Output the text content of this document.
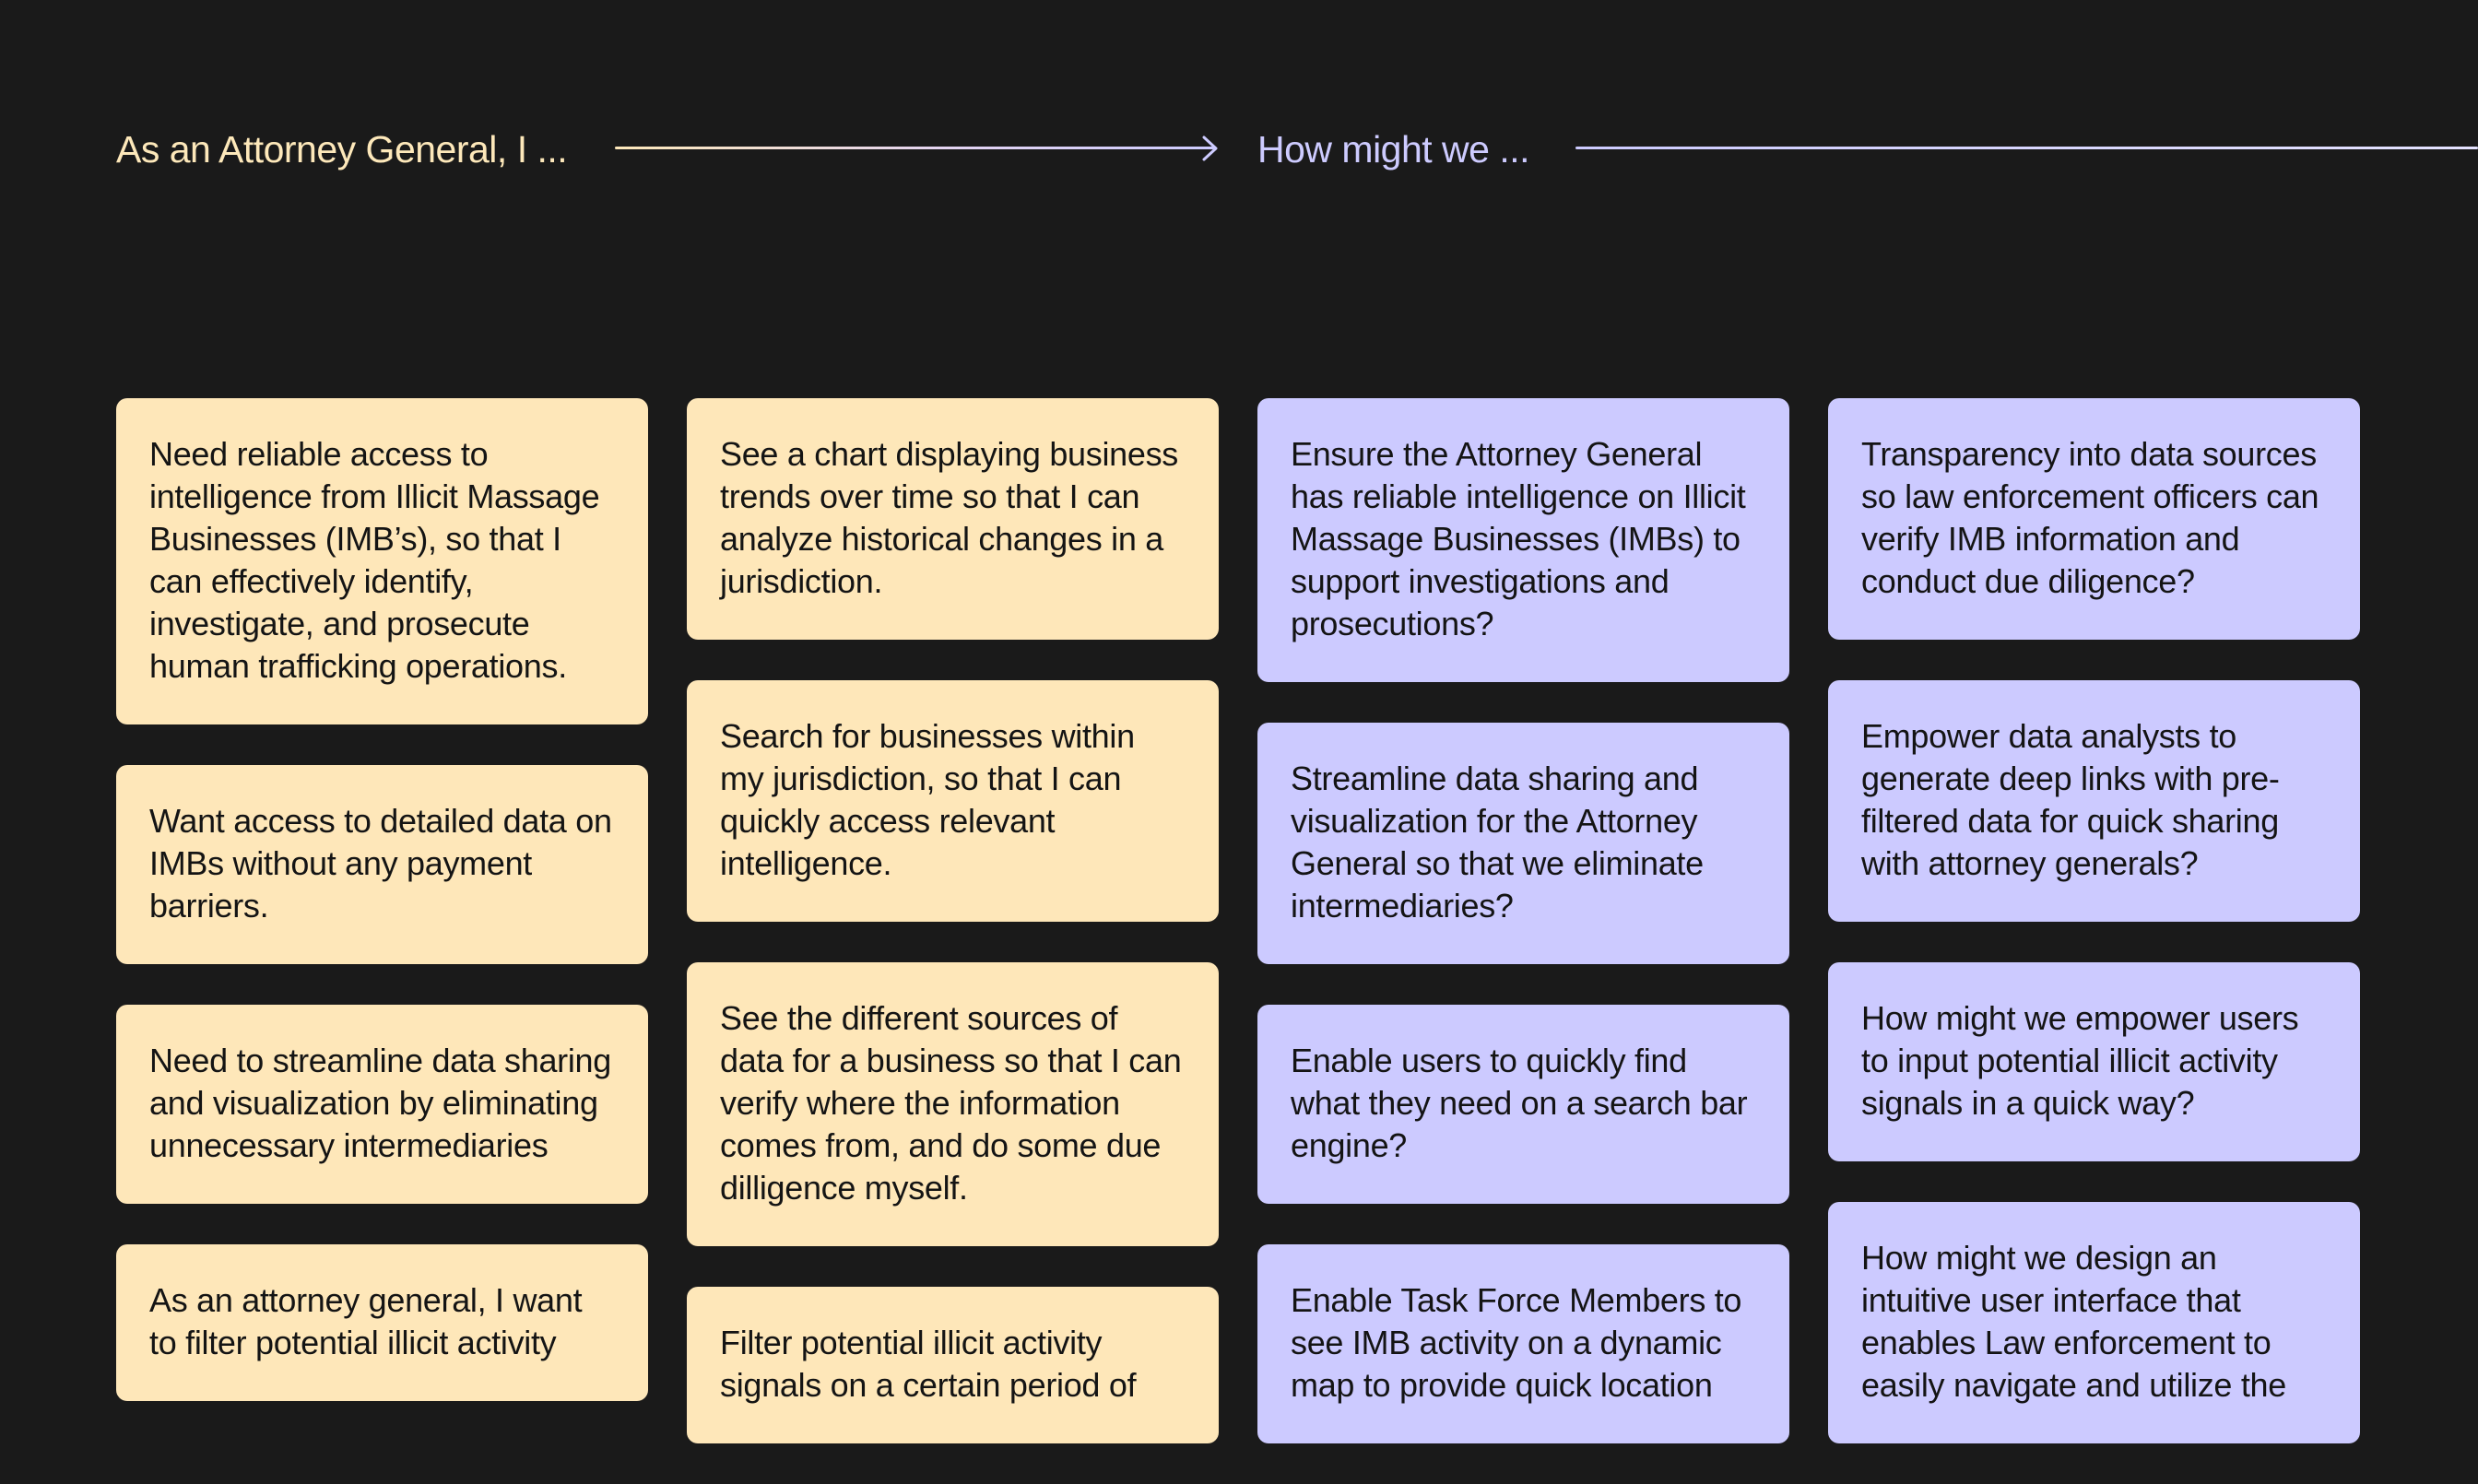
As an Attorney General, I ...	How might we ...
Need reliable access to intelligence from Illicit Massage Businesses (IMB’s), so that I can effectively identify, investigate, and prosecute human trafficking operations.
Want access to detailed data on IMBs without any payment barriers.
Need to streamline data sharing and visualization by eliminating unnecessary intermediaries
As an attorney general, I want to filter potential illicit activity
See a chart displaying business trends over time so that I can analyze historical changes in a jurisdiction.
Search for businesses within my jurisdiction, so that I can quickly access relevant intelligence.
See the different sources of data for a business so that I can verify where the information comes from, and do some due dilligence myself.
Filter potential illicit activity signals on a certain period of
Ensure the Attorney General has reliable intelligence on Illicit Massage Businesses (IMBs) to support investigations and prosecutions?
Streamline data sharing and visualization for the Attorney General so that we eliminate intermediaries?
Enable users to quickly find what they need on a search bar engine?
Enable Task Force Members to see IMB activity on a dynamic map to provide quick location
Transparency into data sources so law enforcement officers can verify IMB information and conduct due diligence?
Empower data analysts to generate deep links with pre-filtered data for quick sharing with attorney generals?
How might we empower users to input potential illicit activity signals in a quick way?
How might we design an intuitive user interface that enables Law enforcement to easily navigate and utilize the
